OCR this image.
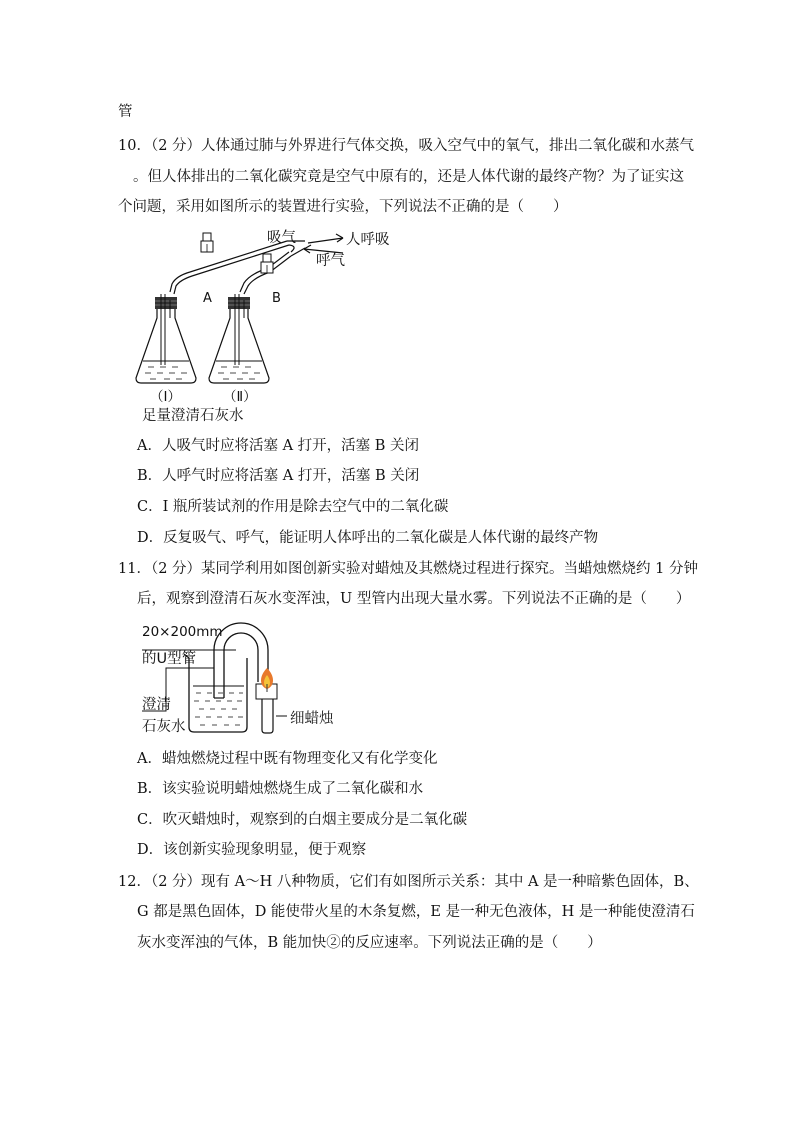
管
10．（2 分）人体通过肺与外界进行气体交换，吸入空气中的氧气，排出二氧化碳和水蒸气
。但人体排出的二氧化碳究竟是空气中原有的，还是人体代谢的最终产物？为了证实这
个问题，采用如图所示的装置进行实验，下列说法不正确的是（　　）
吸气	人呼吸
呼气
A	B
（Ⅰ）	（Ⅱ）
足量澄清石灰水
A．人吸气时应将活塞 A 打开，活塞 B 关闭
B．人呼气时应将活塞 A 打开，活塞 B 关闭
C．I 瓶所装试剂的作用是除去空气中的二氧化碳
D．反复吸气、呼气，能证明人体呼出的二氧化碳是人体代谢的最终产物
11．（2 分）某同学利用如图创新实验对蜡烛及其燃烧过程进行探究。当蜡烛燃烧约 1 分钟
后，观察到澄清石灰水变浑浊，U 型管内出现大量水雾。下列说法不正确的是（　　）
20×200mm
的U型管
澄清
石灰水	细蜡烛
A．蜡烛燃烧过程中既有物理变化又有化学变化
B．该实验说明蜡烛燃烧生成了二氧化碳和水
C．吹灭蜡烛时，观察到的白烟主要成分是二氧化碳
D．该创新实验现象明显，便于观察
12．（2 分）现有 A～H 八种物质，它们有如图所示关系：其中 A 是一种暗紫色固体，B、
G 都是黑色固体，D 能使带火星的木条复燃，E 是一种无色液体，H 是一种能使澄清石
灰水变浑浊的气体，B 能加快②的反应速率。下列说法正确的是（　　）
